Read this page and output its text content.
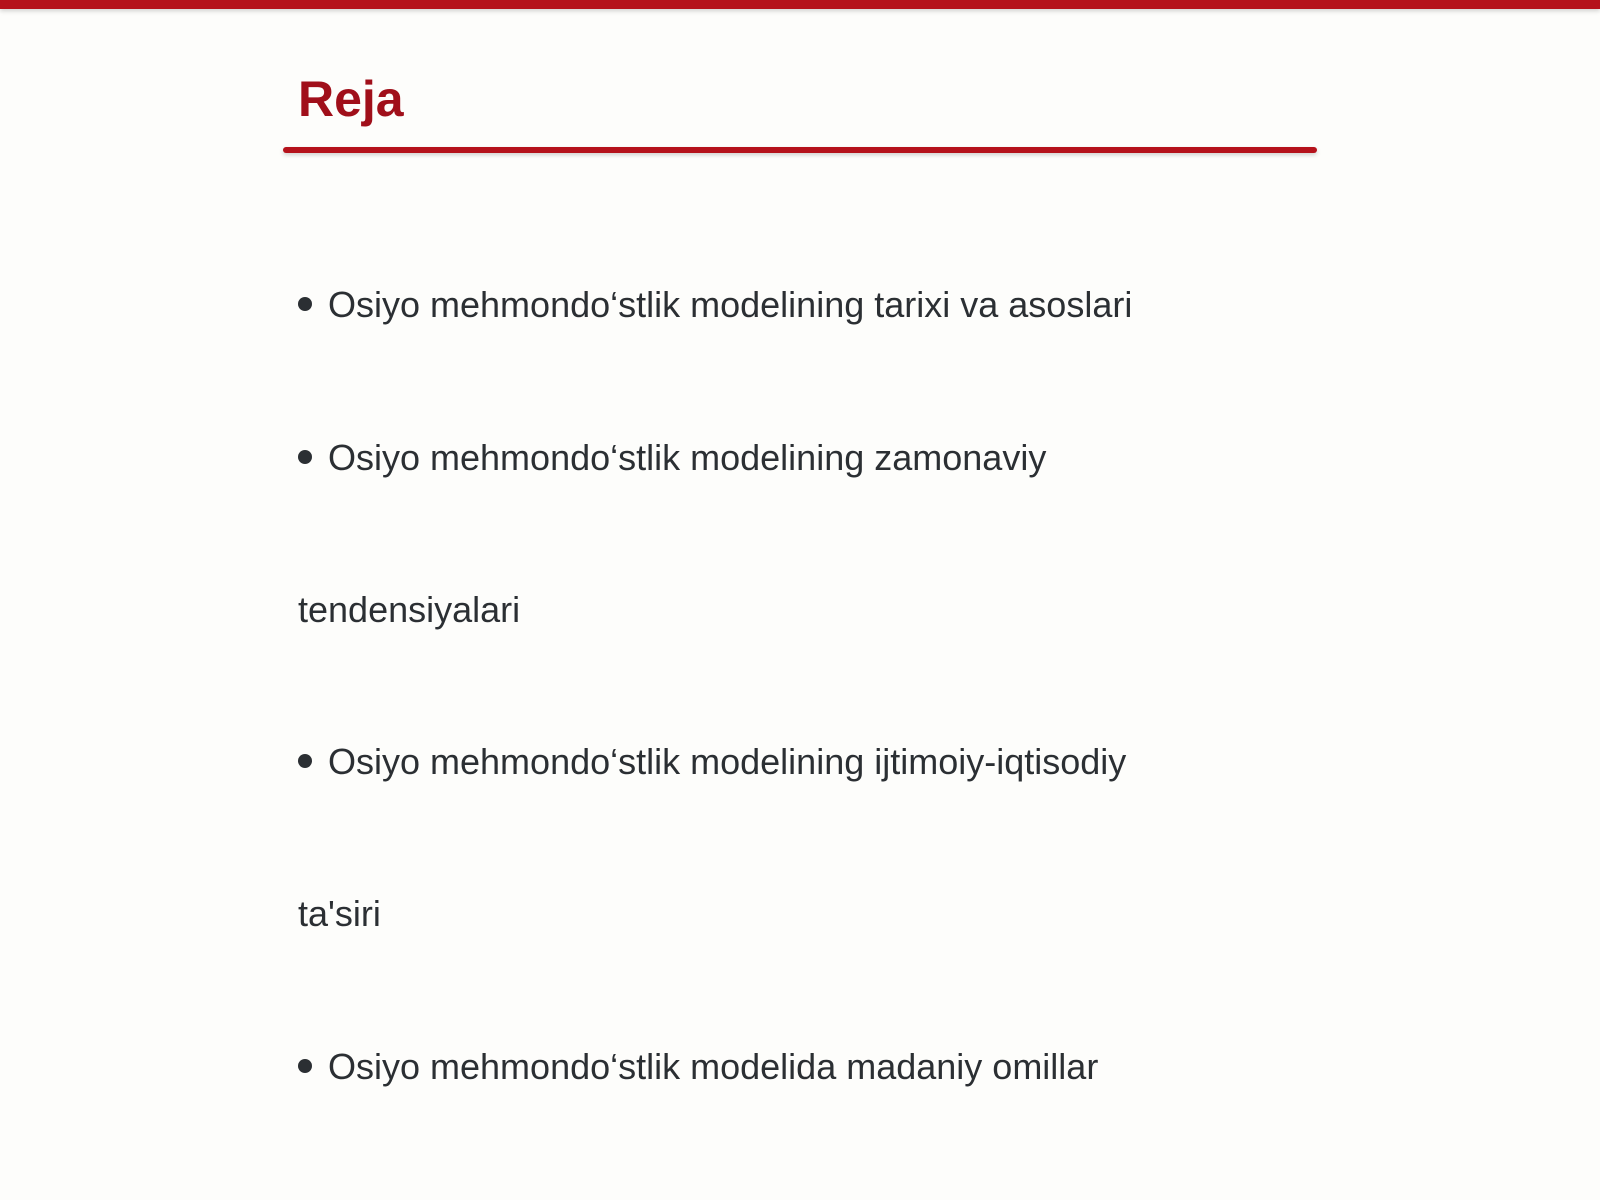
Reja

Osiyo mehmondo‘stlik modelining tarixi va asoslari

Osiyo mehmondo‘stlik modelining zamonaviy

tendensiyalari

Osiyo mehmondo‘stlik modelining ijtimoiy-iqtisodiy

ta'siri

Osiyo mehmondo‘stlik modelida madaniy omillar
